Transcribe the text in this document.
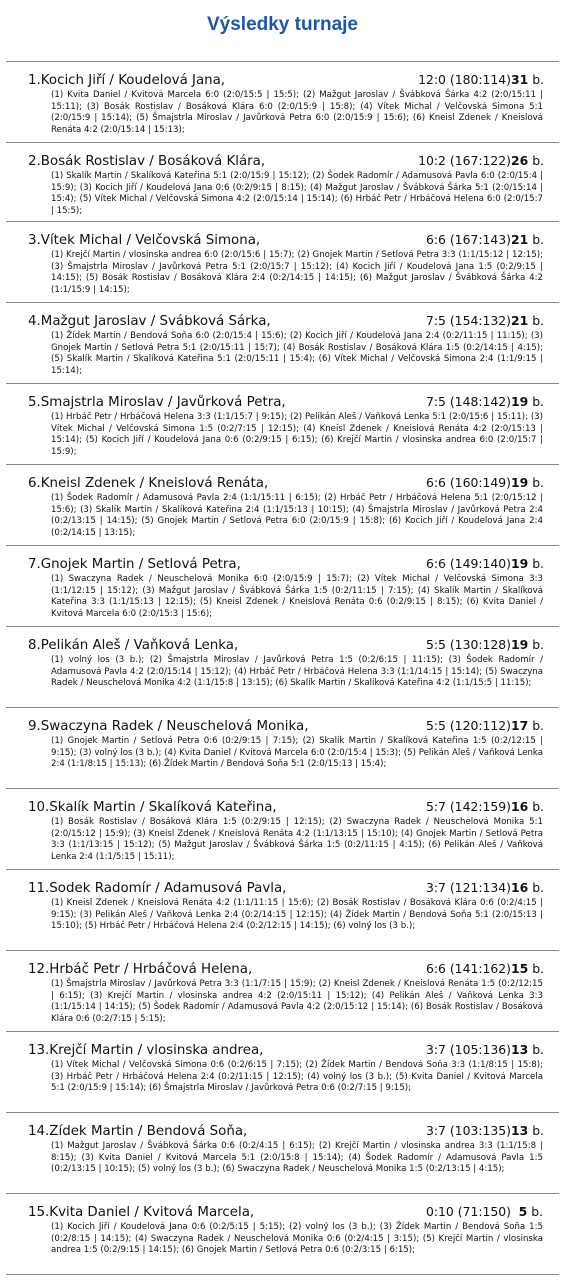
Výsledky turnaje
1.Kocich Jiří / Koudelová Jana,	12:0 (180:114) 31 b.

(1) Kvita Daniel / Kvitová Marcela 6:0 (2:0/15:5 | 15:5); (2) Mažgut Jaroslav / Švábková Šárka 4:2 (2:0/15:11 | 15:11); (3) Bosák Rostislav / Bosáková Klára 6:0 (2:0/15:9 | 15:8); (4) Vítek Michal / Velčovská Simona 5:1 (2:0/15:9 | 15:14); (5) Šmajstrla Miroslav / Javůrková Petra 6:0 (2:0/15:9 | 15:6); (6) Kneisl Zdenek / Kneislová Renáta 4:2 (2:0/15:14 | 15:13);

2.Bosák Rostislav / Bosáková Klára,	10:2 (167:122) 26 b.

(1) Skalík Martin / Skalíková Kateřina 5:1 (2:0/15:9 | 15:12); (2) Šodek Radomír / Adamusová Pavla 6:0 (2:0/15:4 | 15:9); (3) Kocich Jiří / Koudelová Jana 0:6 (0:2/9:15 | 8:15); (4) Mažgut Jaroslav / Švábková Šárka 5:1 (2:0/15:14 | 15:4); (5) Vítek Michal / Velčovská Simona 4:2 (2:0/15:14 | 15:14); (6) Hrbáč Petr / Hrbáčová Helena 6:0 (2:0/15:7 | 15:5);

3.Vítek Michal / Velčovská Simona,	6:6 (167:143) 21 b.

(1) Krejčí Martin / vlosinska andrea 6:0 (2:0/15:6 | 15:7); (2) Gnojek Martin / Setlová Petra 3:3 (1:1/15:12 | 12:15); (3) Šmajstrla Miroslav / Javůrková Petra 5:1 (2:0/15:7 | 15:12); (4) Kocich Jiří / Koudelová Jana 1:5 (0:2/9:15 | 14:15); (5) Bosák Rostislav / Bosáková Klára 2:4 (0:2/14:15 | 14:15); (6) Mažgut Jaroslav / Švábková Šárka 4:2 (1:1/15:9 | 14:15);

4.Mažgut Jaroslav / Švábková Šárka,	7:5 (154:132) 21 b.

(1) Žídek Martin / Bendová Soňa 6:0 (2:0/15:4 | 15:6); (2) Kocich Jiří / Koudelová Jana 2:4 (0:2/11:15 | 11:15); (3) Gnojek Martin / Setlová Petra 5:1 (2:0/15:11 | 15:7); (4) Bosák Rostislav / Bosáková Klára 1:5 (0:2/14:15 | 4:15); (5) Skalík Martin / Skalíková Kateřina 5:1 (2:0/15:11 | 15:4); (6) Vítek Michal / Velčovská Simona 2:4 (1:1/9:15 | 15:14);

5.Šmajstrla Miroslav / Javůrková Petra,	7:5 (148:142) 19 b.

(1) Hrbáč Petr / Hrbáčová Helena 3:3 (1:1/15:7 | 9:15); (2) Pelikán Aleš / Vaňková Lenka 5:1 (2:0/15:6 | 15:11); (3) Vítek Michal / Velčovská Simona 1:5 (0:2/7:15 | 12:15); (4) Kneisl Zdenek / Kneislová Renáta 4:2 (2:0/15:13 | 15:14); (5) Kocich Jiří / Koudelová Jana 0:6 (0:2/9:15 | 6:15); (6) Krejčí Martin / vlosinska andrea 6:0 (2:0/15:7 | 15:9);

6.Kneisl Zdenek / Kneislová Renáta,	6:6 (160:149) 19 b.

(1) Šodek Radomír / Adamusová Pavla 2:4 (1:1/15:11 | 6:15); (2) Hrbáč Petr / Hrbáčová Helena 5:1 (2:0/15:12 | 15:6); (3) Skalík Martin / Skalíková Kateřina 2:4 (1:1/15:13 | 10:15); (4) Šmajstrla Miroslav / Javůrková Petra 2:4 (0:2/13:15 | 14:15); (5) Gnojek Martin / Setlová Petra 6:0 (2:0/15:9 | 15:8); (6) Kocich Jiří / Koudelová Jana 2:4 (0:2/14:15 | 13:15);

7.Gnojek Martin / Setlová Petra,	6:6 (149:140) 19 b.

(1) Swaczyna Radek / Neuschelová Monika 6:0 (2:0/15:9 | 15:7); (2) Vítek Michal / Velčovská Simona 3:3 (1:1/12:15 | 15:12); (3) Mažgut Jaroslav / Švábková Šárka 1:5 (0:2/11:15 | 7:15); (4) Skalík Martin / Skalíková Kateřina 3:3 (1:1/15:13 | 12:15); (5) Kneisl Zdenek / Kneislová Renáta 0:6 (0:2/9:15 | 8:15); (6) Kvita Daniel / Kvitová Marcela 6:0 (2:0/15:3 | 15:6);

8.Pelikán Aleš / Vaňková Lenka,	5:5 (130:128) 19 b.

(1) volný los (3 b.); (2) Šmajstrla Miroslav / Javůrková Petra 1:5 (0:2/6:15 | 11:15); (3) Šodek Radomír / Adamusová Pavla 4:2 (2:0/15:14 | 15:12); (4) Hrbáč Petr / Hrbáčová Helena 3:3 (1:1/14:15 | 15:14); (5) Swaczyna Radek / Neuschelová Monika 4:2 (1:1/15:8 | 13:15); (6) Skalík Martin / Skalíková Kateřina 4:2 (1:1/15:5 | 11:15);

9.Swaczyna Radek / Neuschelová Monika,	5:5 (120:112) 17 b.

(1) Gnojek Martin / Setlová Petra 0:6 (0:2/9:15 | 7:15); (2) Skalík Martin / Skalíková Kateřina 1:5 (0:2/12:15 | 9:15); (3) volný los (3 b.); (4) Kvita Daniel / Kvitová Marcela 6:0 (2:0/15:4 | 15:3); (5) Pelikán Aleš / Vaňková Lenka 2:4 (1:1/8:15 | 15:13); (6) Žídek Martin / Bendová Soňa 5:1 (2:0/15:13 | 15:4);

10.Skalík Martin / Skalíková Kateřina,	5:7 (142:159) 16 b.

(1) Bosák Rostislav / Bosáková Klára 1:5 (0:2/9:15 | 12:15); (2) Swaczyna Radek / Neuschelová Monika 5:1 (2:0/15:12 | 15:9); (3) Kneisl Zdenek / Kneislová Renáta 4:2 (1:1/13:15 | 15:10); (4) Gnojek Martin / Setlová Petra 3:3 (1:1/13:15 | 15:12); (5) Mažgut Jaroslav / Švábková Šárka 1:5 (0:2/11:15 | 4:15); (6) Pelikán Aleš / Vaňková Lenka 2:4 (1:1/5:15 | 15:11);

11.Šodek Radomír / Adamusová Pavla,	3:7 (121:134) 16 b.

(1) Kneisl Zdenek / Kneislová Renáta 4:2 (1:1/11:15 | 15:6); (2) Bosák Rostislav / Bosáková Klára 0:6 (0:2/4:15 | 9:15); (3) Pelikán Aleš / Vaňková Lenka 2:4 (0:2/14:15 | 12:15); (4) Žídek Martin / Bendová Soňa 5:1 (2:0/15:13 | 15:10); (5) Hrbáč Petr / Hrbáčová Helena 2:4 (0:2/12:15 | 14:15); (6) volný los (3 b.);

12.Hrbáč Petr / Hrbáčová Helena,	6:6 (141:162) 15 b.

(1) Šmajstrla Miroslav / Javůrková Petra 3:3 (1:1/7:15 | 15:9); (2) Kneisl Zdenek / Kneislová Renáta 1:5 (0:2/12:15 | 6:15); (3) Krejčí Martin / vlosinska andrea 4:2 (2:0/15:11 | 15:12); (4) Pelikán Aleš / Vaňková Lenka 3:3 (1:1/15:14 | 14:15); (5) Šodek Radomír / Adamusová Pavla 4:2 (2:0/15:12 | 15:14); (6) Bosák Rostislav / Bosáková Klára 0:6 (0:2/7:15 | 5:15);

13.Krejčí Martin / vlosinska andrea,	3:7 (105:136) 13 b.

(1) Vítek Michal / Velčovská Simona 0:6 (0:2/6:15 | 7:15); (2) Žídek Martin / Bendová Soňa 3:3 (1:1/8:15 | 15:8); (3) Hrbáč Petr / Hrbáčová Helena 2:4 (0:2/11:15 | 12:15); (4) volný los (3 b.); (5) Kvita Daniel / Kvitová Marcela 5:1 (2:0/15:9 | 15:14); (6) Šmajstrla Miroslav / Javůrková Petra 0:6 (0:2/7:15 | 9:15);

14.Žídek Martin / Bendová Soňa,	3:7 (103:135) 13 b.

(1) Mažgut Jaroslav / Švábková Šárka 0:6 (0:2/4:15 | 6:15); (2) Krejčí Martin / vlosinska andrea 3:3 (1:1/15:8 | 8:15); (3) Kvita Daniel / Kvitová Marcela 5:1 (2:0/15:8 | 15:14); (4) Šodek Radomír / Adamusová Pavla 1:5 (0:2/13:15 | 10:15); (5) volný los (3 b.); (6) Swaczyna Radek / Neuschelová Monika 1:5 (0:2/13:15 | 4:15);

15.Kvita Daniel / Kvitová Marcela,	0:10 (71:150) 5 b.

(1) Kocich Jiří / Koudelová Jana 0:6 (0:2/5:15 | 5:15); (2) volný los (3 b.); (3) Žídek Martin / Bendová Soňa 1:5 (0:2/8:15 | 14:15); (4) Swaczyna Radek / Neuschelová Monika 0:6 (0:2/4:15 | 3:15); (5) Krejčí Martin / vlosinska andrea 1:5 (0:2/9:15 | 14:15); (6) Gnojek Martin / Setlová Petra 0:6 (0:2/3:15 | 6:15);
